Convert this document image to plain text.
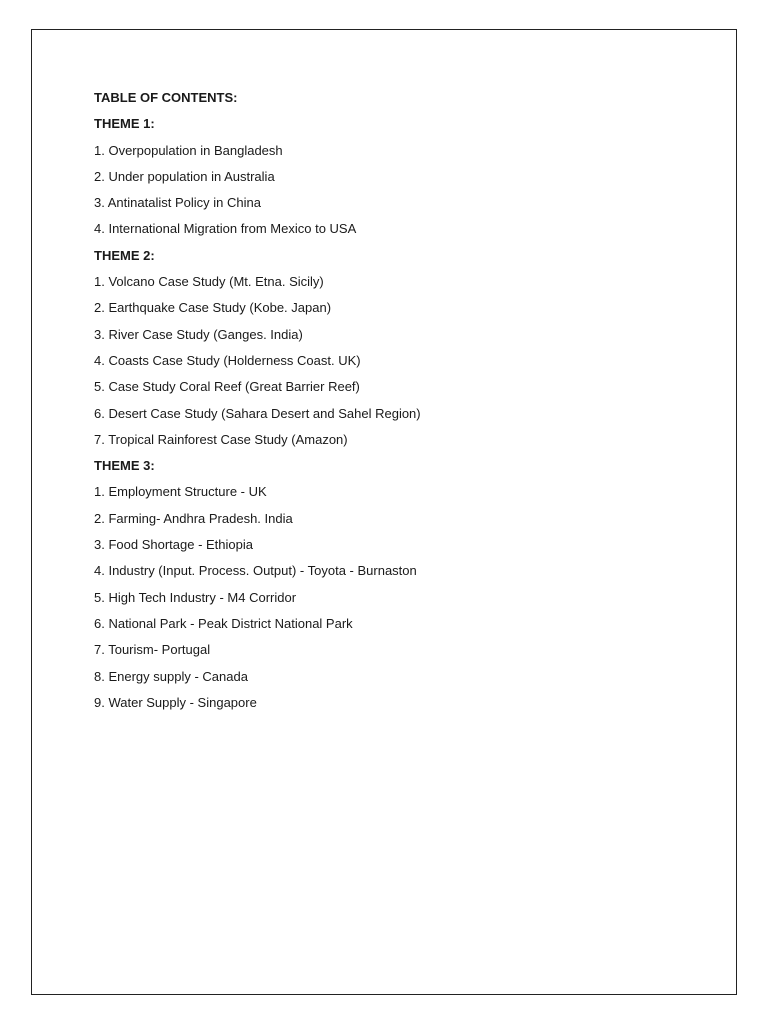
TABLE OF CONTENTS:
THEME 1:
1. Overpopulation in Bangladesh
2. Under population in Australia
3. Antinatalist Policy in China
4. International Migration from Mexico to USA
THEME 2:
1. Volcano Case Study (Mt. Etna. Sicily)
2. Earthquake Case Study (Kobe. Japan)
3. River Case Study (Ganges. India)
4. Coasts Case Study (Holderness Coast. UK)
5. Case Study Coral Reef (Great Barrier Reef)
6. Desert Case Study (Sahara Desert and Sahel Region)
7. Tropical Rainforest Case Study (Amazon)
THEME 3:
1. Employment Structure - UK
2. Farming- Andhra Pradesh. India
3. Food Shortage - Ethiopia
4. Industry (Input. Process. Output) - Toyota - Burnaston
5. High Tech Industry - M4 Corridor
6. National Park - Peak District National Park
7. Tourism- Portugal
8. Energy supply - Canada
9. Water Supply - Singapore
